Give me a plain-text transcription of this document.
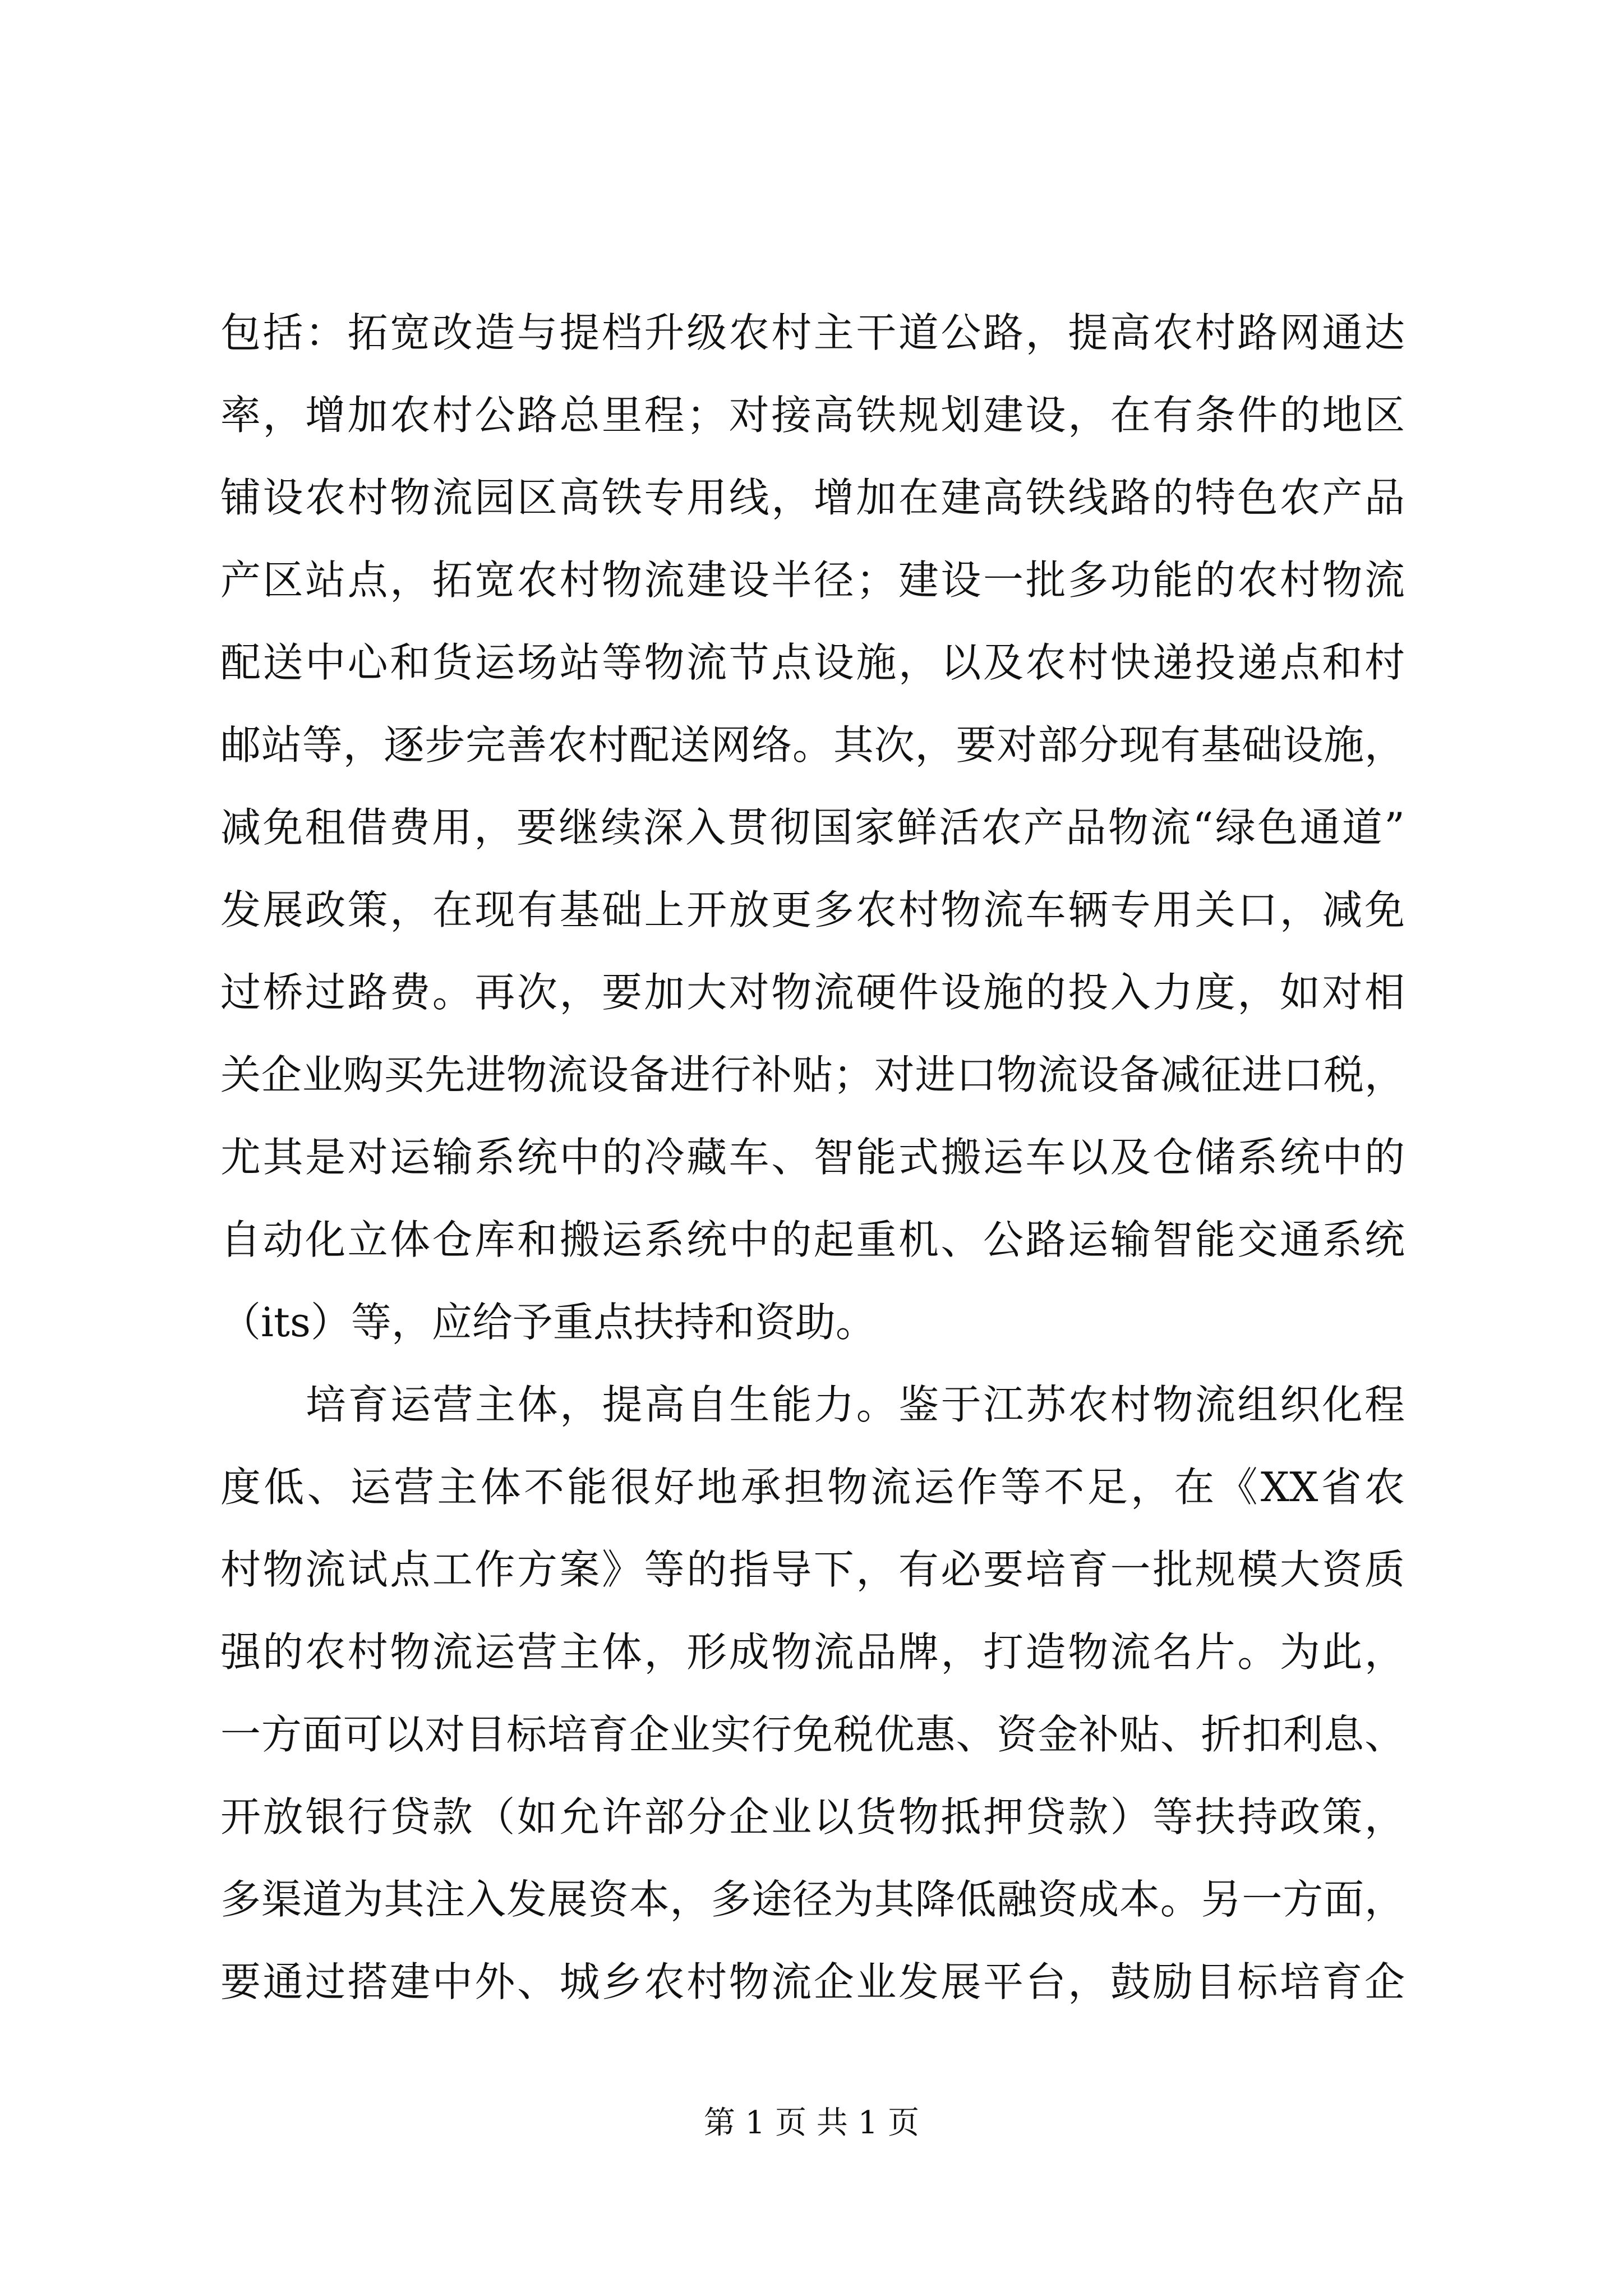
包括：拓宽改造与提档升级农村主干道公路，提高农村路网通达
率，增加农村公路总里程；对接高铁规划建设，在有条件的地区
铺设农村物流园区高铁专用线，增加在建高铁线路的特色农产品
产区站点，拓宽农村物流建设半径；建设一批多功能的农村物流
配送中心和货运场站等物流节点设施，以及农村快递投递点和村
邮站等，逐步完善农村配送网络。其次，要对部分现有基础设施，
减免租借费用，要继续深入贯彻国家鲜活农产品物流“绿色通道”
发展政策，在现有基础上开放更多农村物流车辆专用关口，减免
过桥过路费。再次，要加大对物流硬件设施的投入力度，如对相
关企业购买先进物流设备进行补贴；对进口物流设备减征进口税，
尤其是对运输系统中的冷藏车、智能式搬运车以及仓储系统中的
自动化立体仓库和搬运系统中的起重机、公路运输智能交通系统
（its）等，应给予重点扶持和资助。
培育运营主体，提高自生能力。鉴于江苏农村物流组织化程
度低、运营主体不能很好地承担物流运作等不足，在《XX省农
村物流试点工作方案》等的指导下，有必要培育一批规模大资质
强的农村物流运营主体，形成物流品牌，打造物流名片。为此，
一方面可以对目标培育企业实行免税优惠、资金补贴、折扣利息、
开放银行贷款（如允许部分企业以货物抵押贷款）等扶持政策，
多渠道为其注入发展资本，多途径为其降低融资成本。另一方面，
要通过搭建中外、城乡农村物流企业发展平台，鼓励目标培育企
第 1 页 共 1 页
